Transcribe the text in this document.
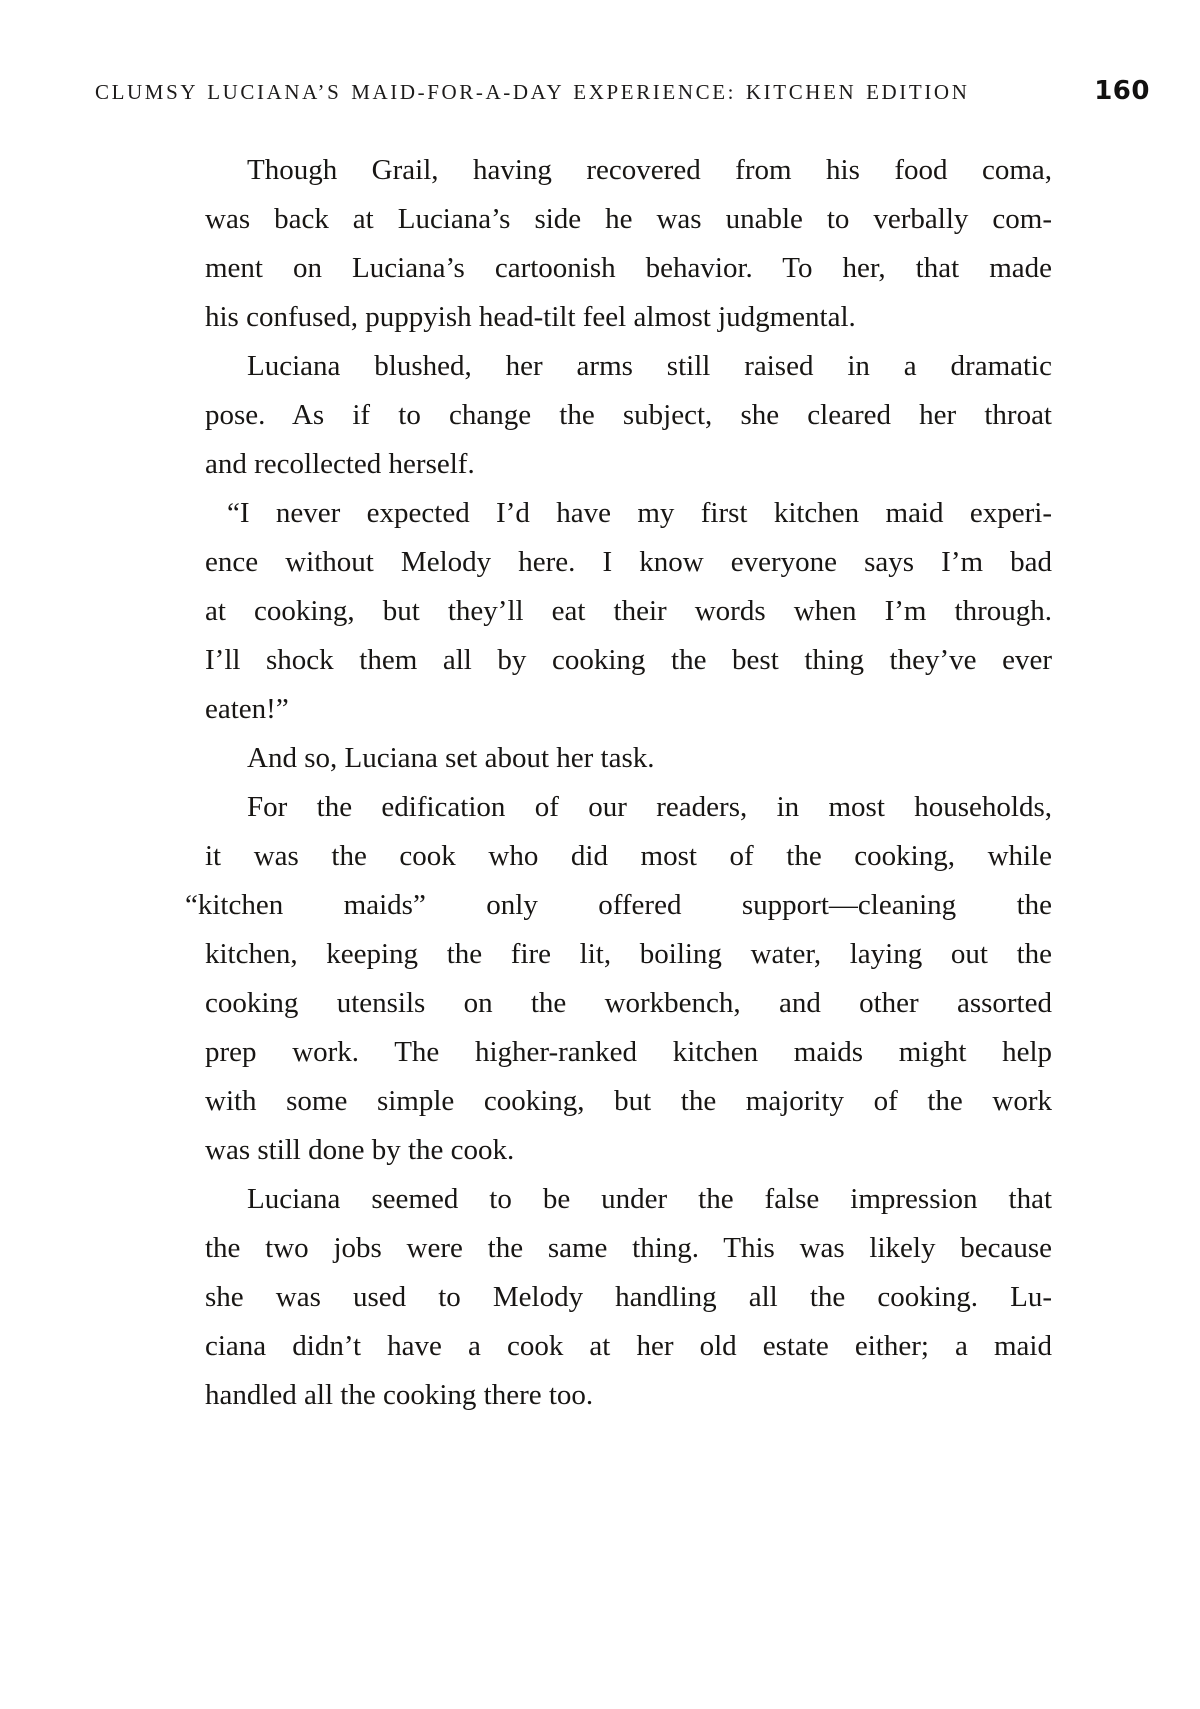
CLUMSY LUCIANA’S MAID-FOR-A-DAY EXPERIENCE: KITCHEN EDITION	160
Though Grail, having recovered from his food coma,
was back at Luciana’s side he was unable to verbally com-
ment on Luciana’s cartoonish behavior. To her, that made
his confused, puppyish head-tilt feel almost judgmental.
Luciana blushed, her arms still raised in a dramatic
pose. As if to change the subject, she cleared her throat
and recollected herself.
“I never expected I’d have my first kitchen maid experi-
ence without Melody here. I know everyone says I’m bad
at cooking, but they’ll eat their words when I’m through.
I’ll shock them all by cooking the best thing they’ve ever
eaten!”
And so, Luciana set about her task.
For the edification of our readers, in most households,
it was the cook who did most of the cooking, while
“kitchen maids” only offered support—cleaning the
kitchen, keeping the fire lit, boiling water, laying out the
cooking utensils on the workbench, and other assorted
prep work. The higher-ranked kitchen maids might help
with some simple cooking, but the majority of the work
was still done by the cook.
Luciana seemed to be under the false impression that
the two jobs were the same thing. This was likely because
she was used to Melody handling all the cooking. Lu-
ciana didn’t have a cook at her old estate either; a maid
handled all the cooking there too.
